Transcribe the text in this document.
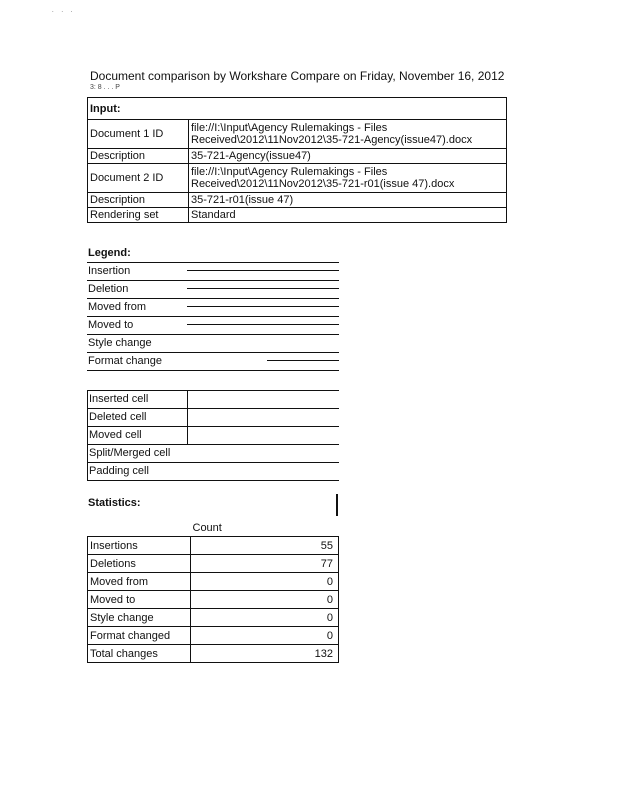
. . .
Document comparison by Workshare Compare on Friday, November 16, 2012
3: 8 . . . P
Input:	
Document 1 ID	file://I:\Input\Agency Rulemakings - Files
Received\2012\11Nov2012\35-721-Agency(issue47).docx

Description	35-721-Agency(issue47)
Document 2 ID	file://I:\Input\Agency Rulemakings - Files
Received\2012\11Nov2012\35-721-r01(issue 47).docx

Description	35-721-r01(issue 47)
Rendering set	Standard
Legend:
Insertion
Deletion
Moved from
Moved to
Style change
Format change
Inserted cell
Deleted cell
Moved cell
Split/Merged cell
Padding cell
Statistics:
	Count
Insertions	55
Deletions	77
Moved from	0
Moved to	0
Style change	0
Format changed	0
Total changes	132
